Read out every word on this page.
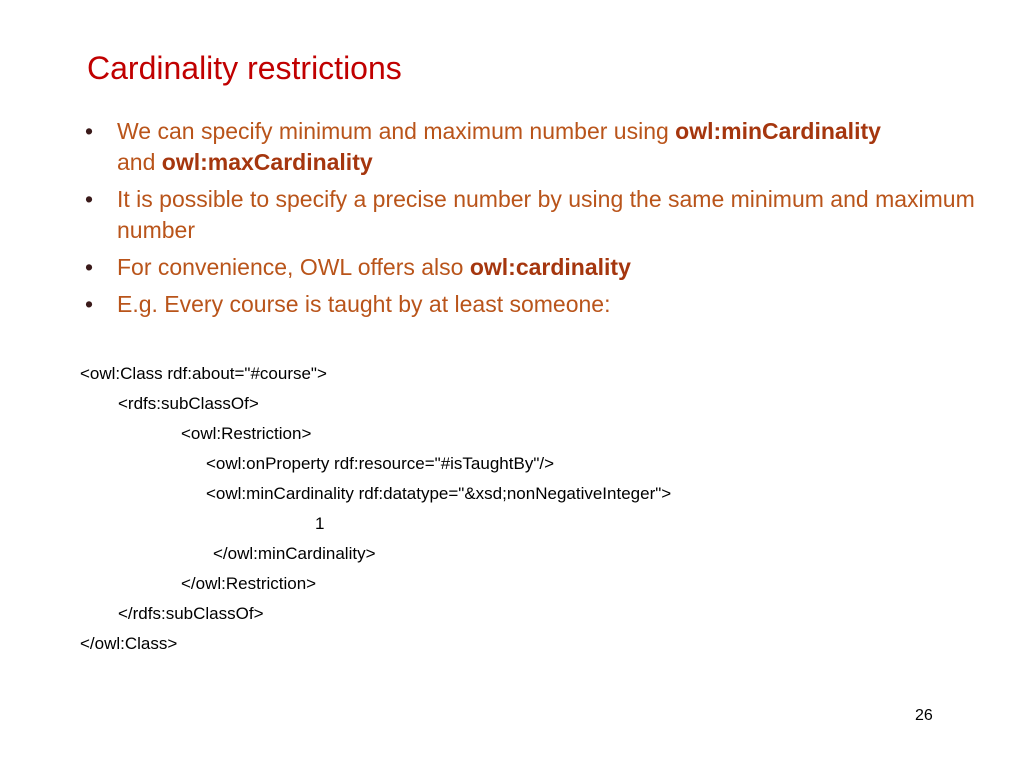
Cardinality restrictions
• We can specify minimum and maximum number using owl:minCardinality
and owl:maxCardinality
• It is possible to specify a precise number by using the same minimum and maximum number
• For convenience, OWL offers also owl:cardinality
• E.g. Every course is taught by at least someone:
<owl:Class rdf:about="#course">
<rdfs:subClassOf>
<owl:Restriction>
<owl:onProperty rdf:resource="#isTaughtBy"/>
<owl:minCardinality rdf:datatype="&xsd;nonNegativeInteger">
1
</owl:minCardinality>
</owl:Restriction>
</rdfs:subClassOf>
</owl:Class>
26
